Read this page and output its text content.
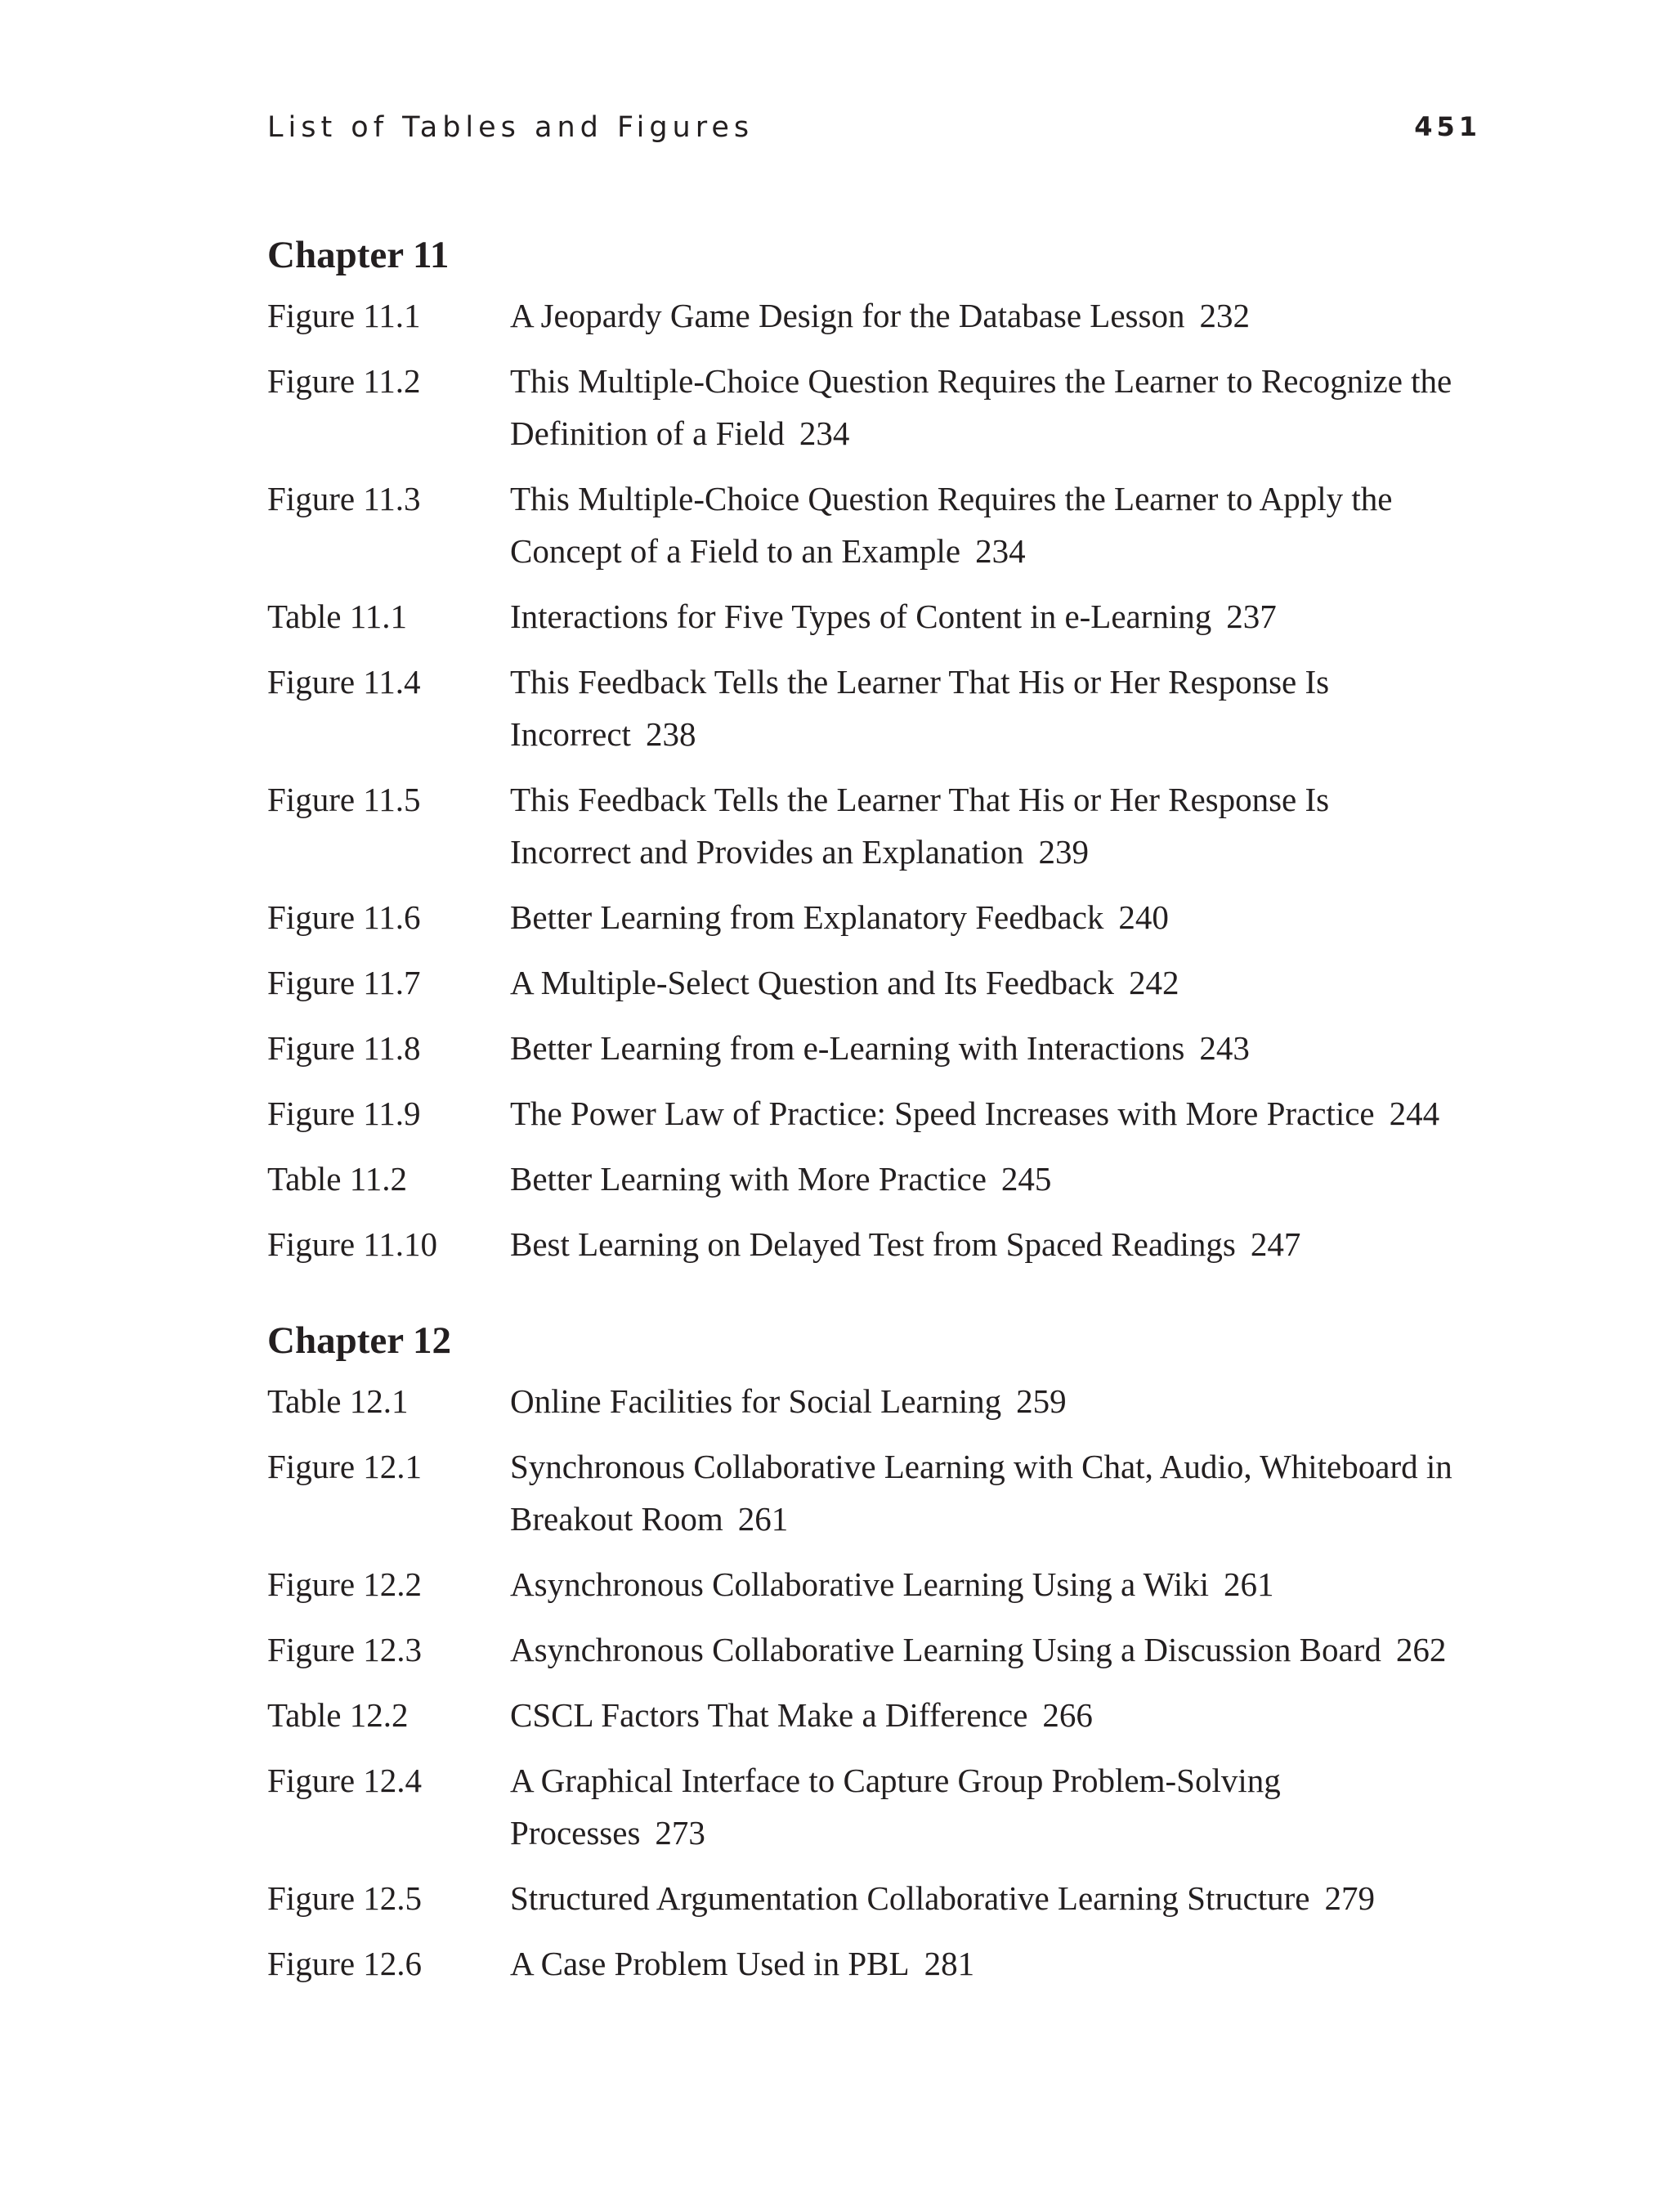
List of Tables and Figures	451
Chapter 11
Figure 11.1	A Jeopardy Game Design for the Database Lesson 232
Figure 11.2	This Multiple-Choice Question Requires the Learner to Recognize the Definition of a Field 234
Figure 11.3	This Multiple-Choice Question Requires the Learner to Apply the Concept of a Field to an Example 234
Table 11.1	Interactions for Five Types of Content in e-Learning 237
Figure 11.4	This Feedback Tells the Learner That His or Her Response Is Incorrect 238
Figure 11.5	This Feedback Tells the Learner That His or Her Response Is Incorrect and Provides an Explanation 239
Figure 11.6	Better Learning from Explanatory Feedback 240
Figure 11.7	A Multiple-Select Question and Its Feedback 242
Figure 11.8	Better Learning from e-Learning with Interactions 243
Figure 11.9	The Power Law of Practice: Speed Increases with More Practice 244
Table 11.2	Better Learning with More Practice 245
Figure 11.10	Best Learning on Delayed Test from Spaced Readings 247
Chapter 12
Table 12.1	Online Facilities for Social Learning 259
Figure 12.1	Synchronous Collaborative Learning with Chat, Audio, Whiteboard in Breakout Room 261
Figure 12.2	Asynchronous Collaborative Learning Using a Wiki 261
Figure 12.3	Asynchronous Collaborative Learning Using a Discussion Board 262
Table 12.2	CSCL Factors That Make a Difference 266
Figure 12.4	A Graphical Interface to Capture Group Problem-Solving Processes 273
Figure 12.5	Structured Argumentation Collaborative Learning Structure 279
Figure 12.6	A Case Problem Used in PBL 281
